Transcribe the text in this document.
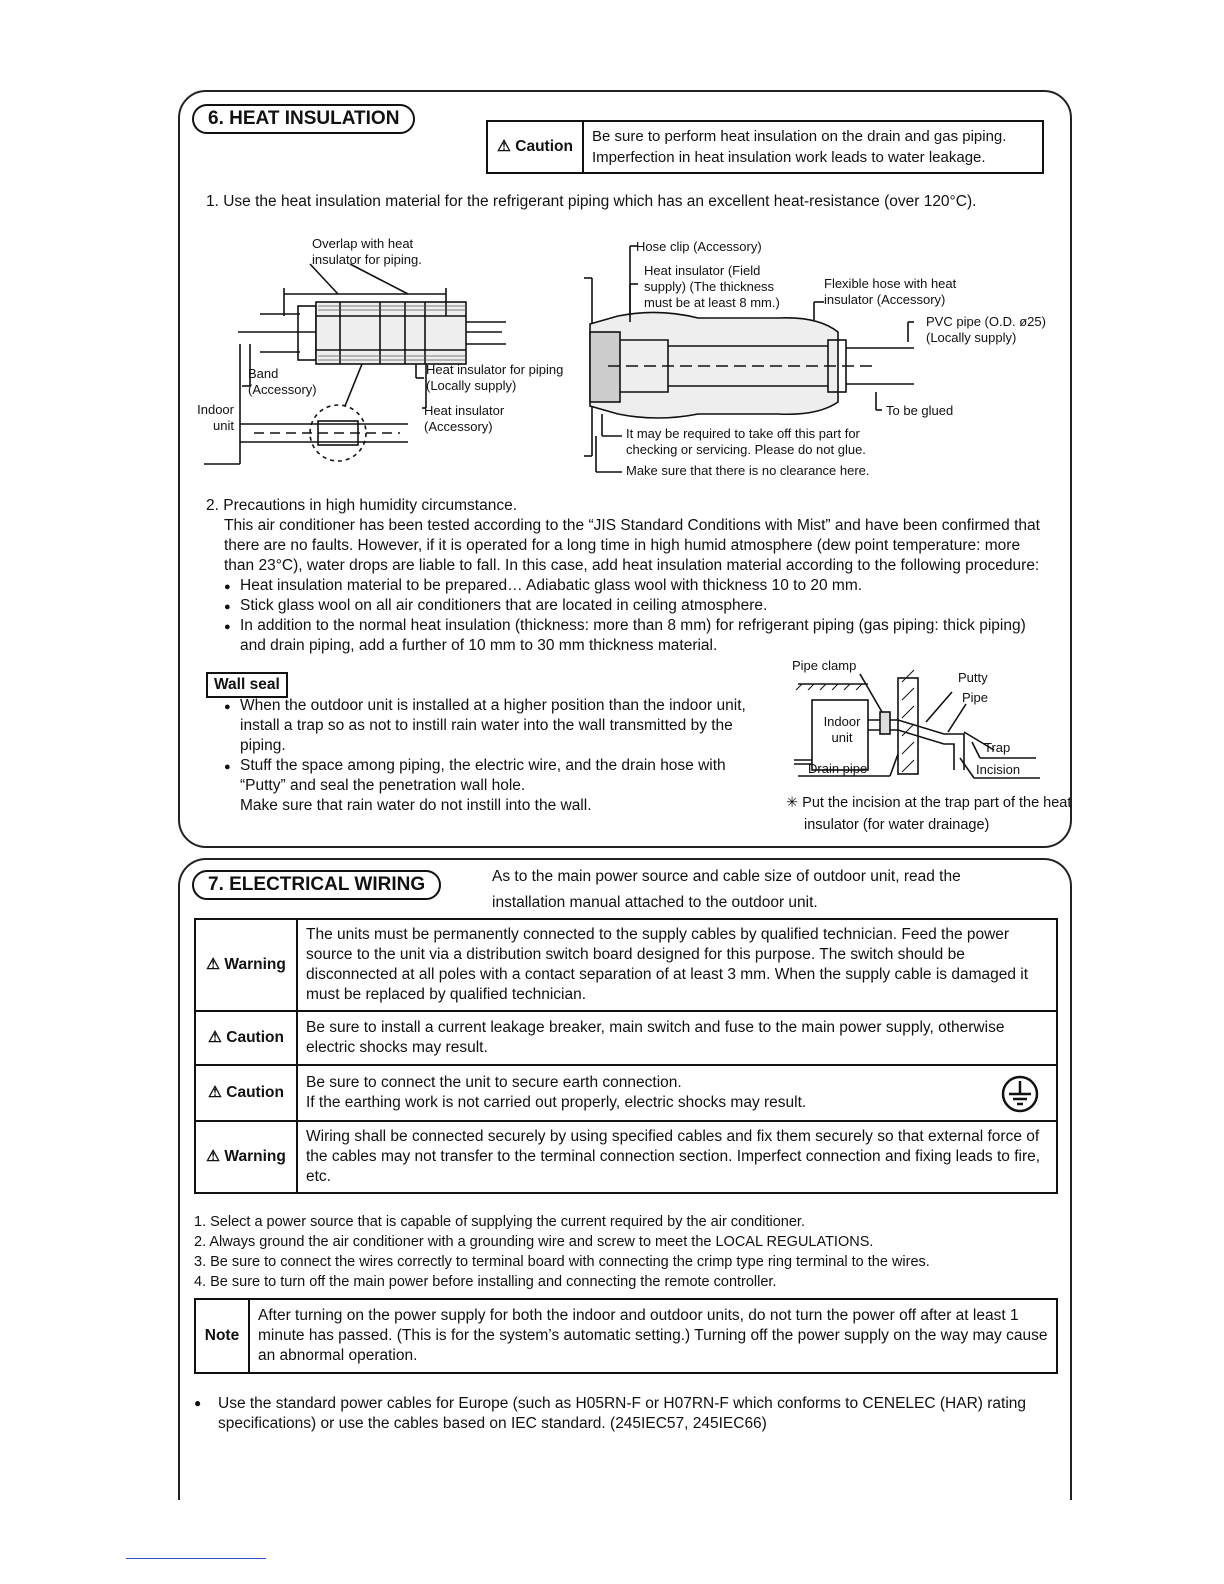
6. HEAT INSULATION
⚠ Caution	Be sure to perform heat insulation on the drain and gas piping. Imperfection in heat insulation work leads to water leakage.
1. Use the heat insulation material for the refrigerant piping which has an excellent heat-resistance (over 120°C).
Overlap with heat insulator for piping.
Band (Accessory)
Indoor unit
Heat insulator for piping (Locally supply)
Heat insulator (Accessory)
Hose clip (Accessory)
Heat insulator (Field supply) (The thickness must be at least 8 mm.)
Flexible hose with heat insulator (Accessory)
PVC pipe (O.D. ø25) (Locally supply)
To be glued
It may be required to take off this part for checking or servicing. Please do not glue.
Make sure that there is no clearance here.
2. Precautions in high humidity circumstance.
This air conditioner has been tested according to the “JIS Standard Conditions with Mist” and have been confirmed that there are no faults. However, if it is operated for a long time in high humid atmosphere (dew point temperature: more than 23°C), water drops are liable to fall. In this case, add heat insulation material according to the following procedure:
● Heat insulation material to be prepared… Adiabatic glass wool with thickness 10 to 20 mm.
● Stick glass wool on all air conditioners that are located in ceiling atmosphere.
● In addition to the normal heat insulation (thickness: more than 8 mm) for refrigerant piping (gas piping: thick piping) and drain piping, add a further of 10 mm to 30 mm thickness material.
Wall seal
● When the outdoor unit is installed at a higher position than the indoor unit, install a trap so as not to instill rain water into the wall transmitted by the piping.
● Stuff the space among piping, the electric wire, and the drain hose with “Putty” and seal the penetration wall hole.
Make sure that rain water do not instill into the wall.
Pipe clamp
Putty
Pipe
Indoor unit
Trap
Drain pipe	Incision
✳ Put the incision at the trap part of the heat insulator (for water drainage)
7. ELECTRICAL WIRING	As to the main power source and cable size of outdoor unit, read the installation manual attached to the outdoor unit.
⚠ Warning	The units must be permanently connected to the supply cables by qualified technician. Feed the power source to the unit via a distribution switch board designed for this purpose. The switch should be disconnected at all poles with a contact separation of at least 3 mm. When the supply cable is damaged it must be replaced by qualified technician.
⚠ Caution	Be sure to install a current leakage breaker, main switch and fuse to the main power supply, otherwise electric shocks may result.
⚠ Caution	Be sure to connect the unit to secure earth connection.
If the earthing work is not carried out properly, electric shocks may result.

⚠ Warning	Wiring shall be connected securely by using specified cables and fix them securely so that external force of the cables may not transfer to the terminal connection section. Imperfect connection and fixing leads to fire, etc.
1. Select a power source that is capable of supplying the current required by the air conditioner.
2. Always ground the air conditioner with a grounding wire and screw to meet the LOCAL REGULATIONS.
3. Be sure to connect the wires correctly to terminal board with connecting the crimp type ring terminal to the wires.
4. Be sure to turn off the main power before installing and connecting the remote controller.
Note	After turning on the power supply for both the indoor and outdoor units, do not turn the power off after at least 1 minute has passed. (This is for the system’s automatic setting.) Turning off the power supply on the way may cause an abnormal operation.
● Use the standard power cables for Europe (such as H05RN-F or H07RN-F which conforms to CENELEC (HAR) rating specifications) or use the cables based on IEC standard. (245IEC57, 245IEC66)
